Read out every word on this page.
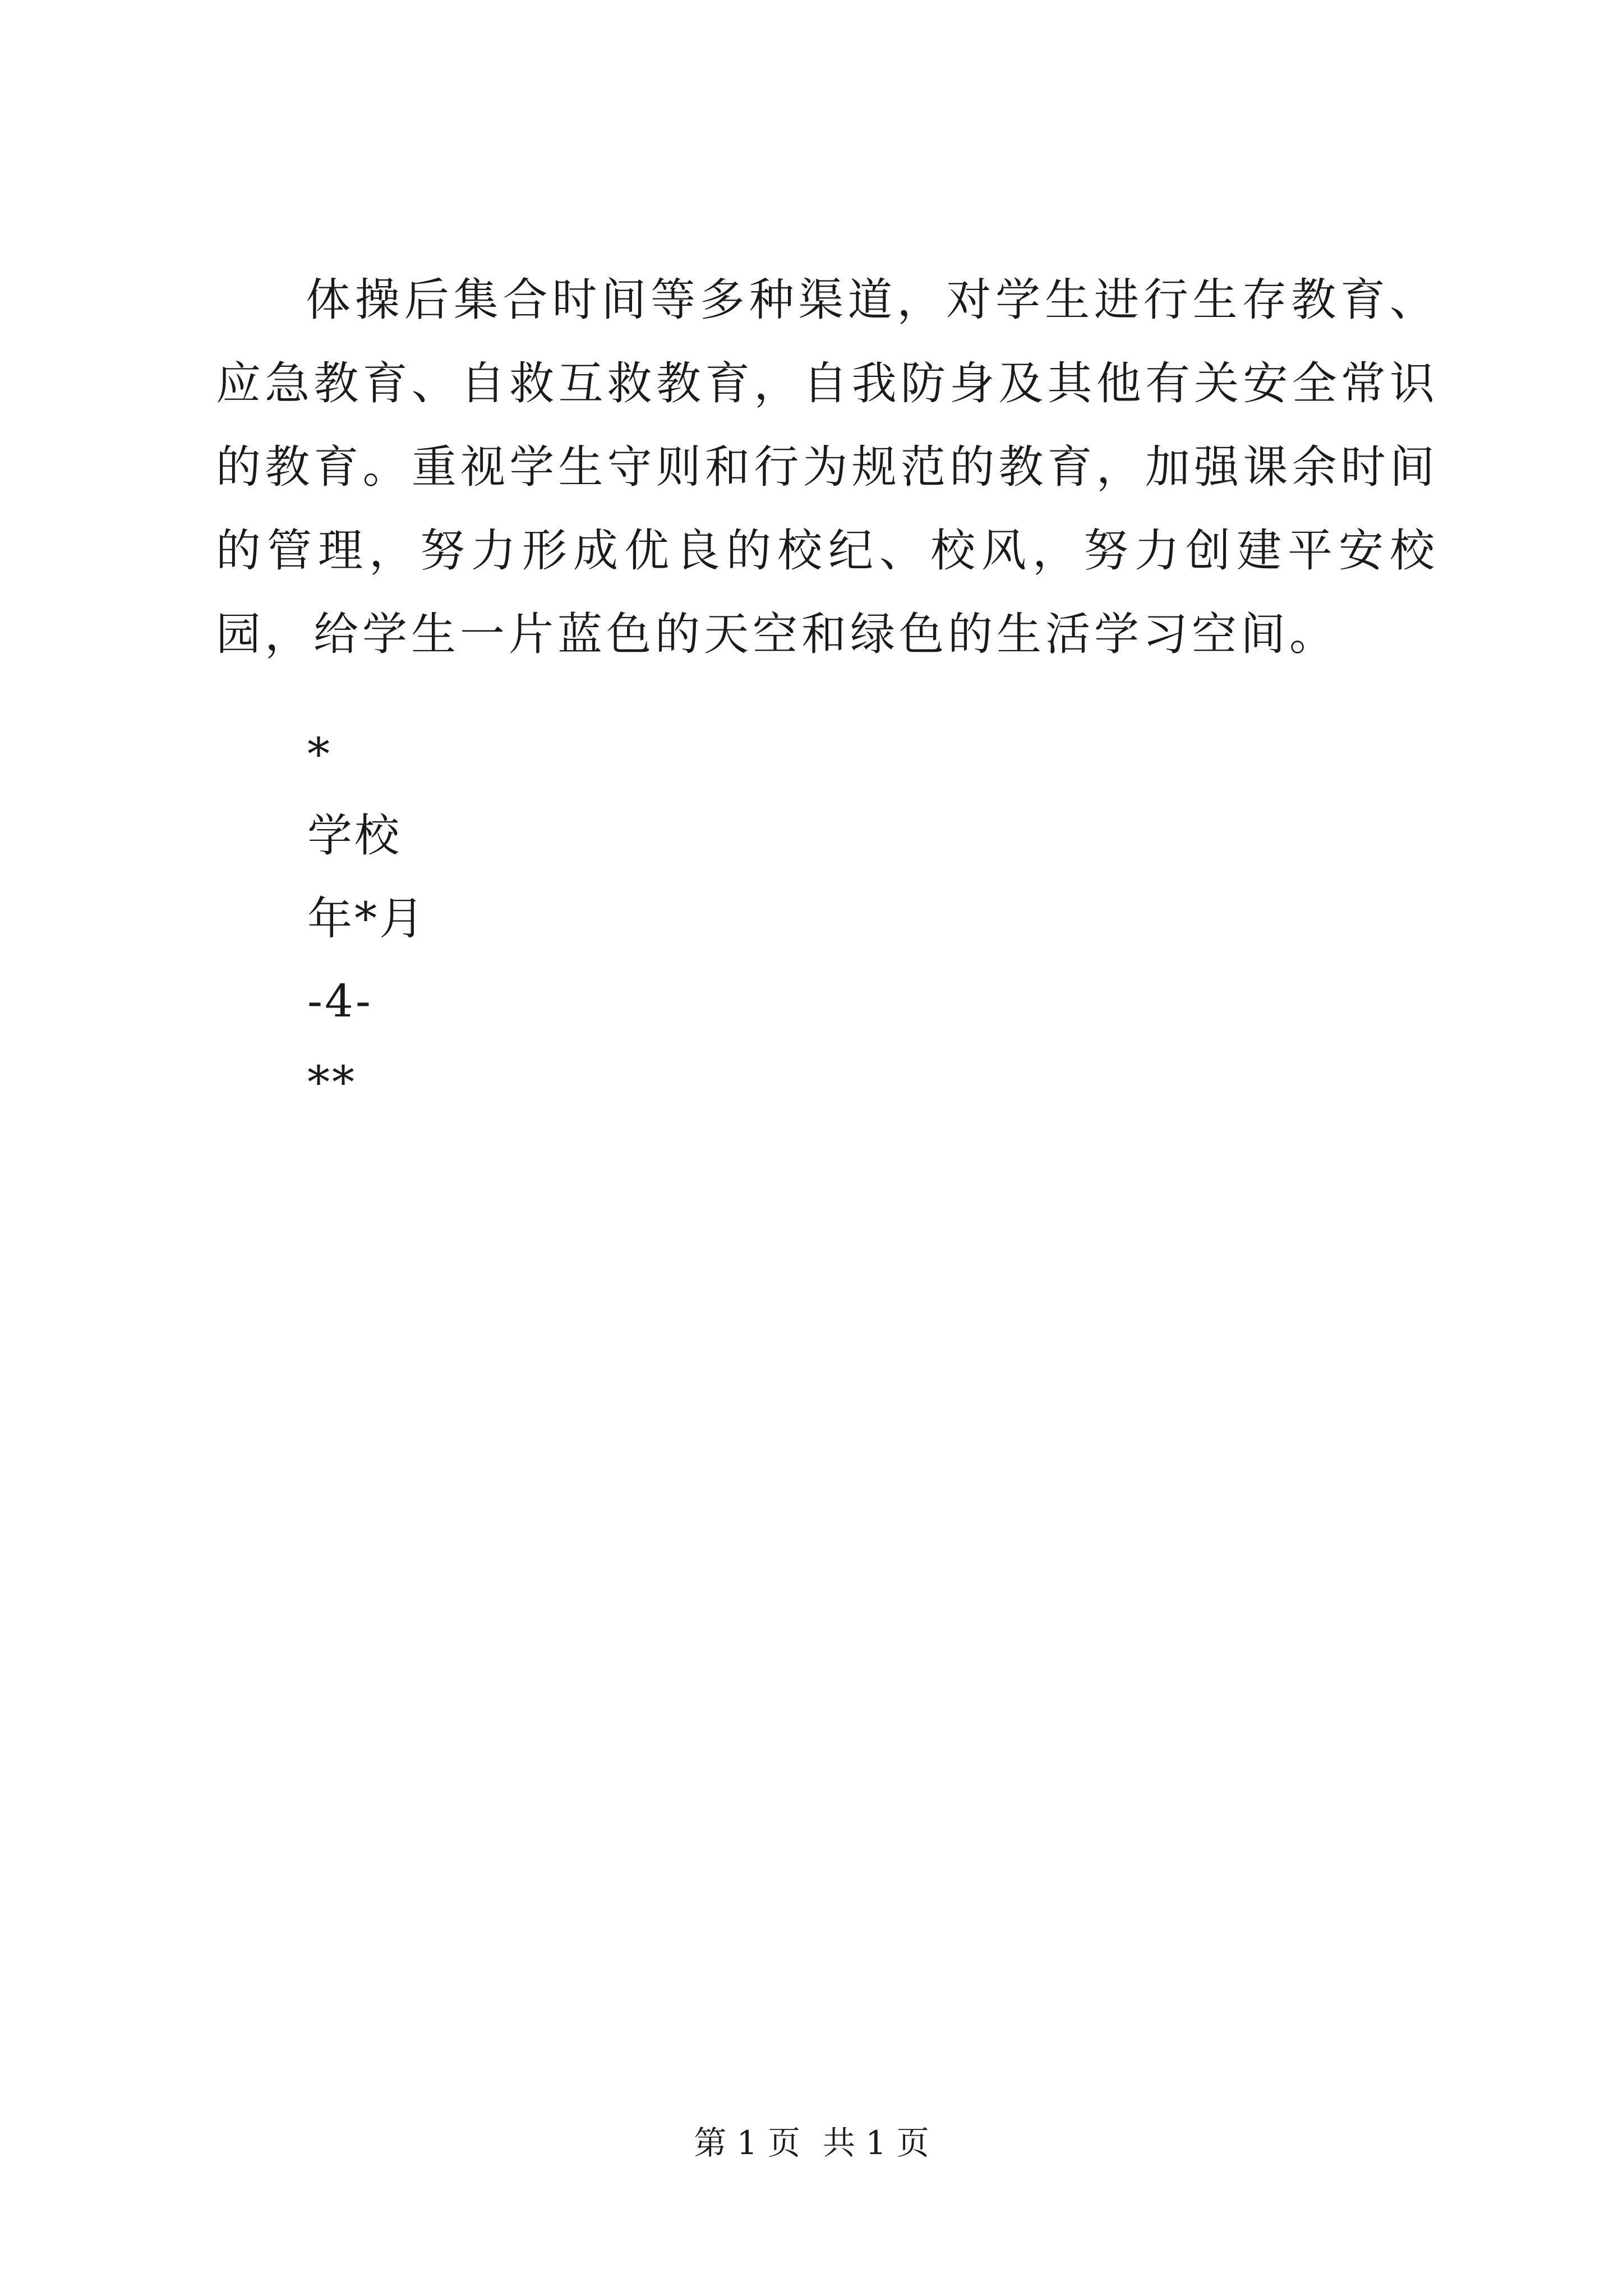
体操后集合时间等多种渠道，对学生进行生存教育、应急教育、自救互救教育，自我防身及其他有关安全常识的教育。重视学生守则和行为规范的教育，加强课余时间的管理，努力形成优良的校纪、校风，努力创建平安校园，给学生一片蓝色的天空和绿色的生活学习空间。

*

学校

年*月

-4-

**

第 1 页 共 1 页
